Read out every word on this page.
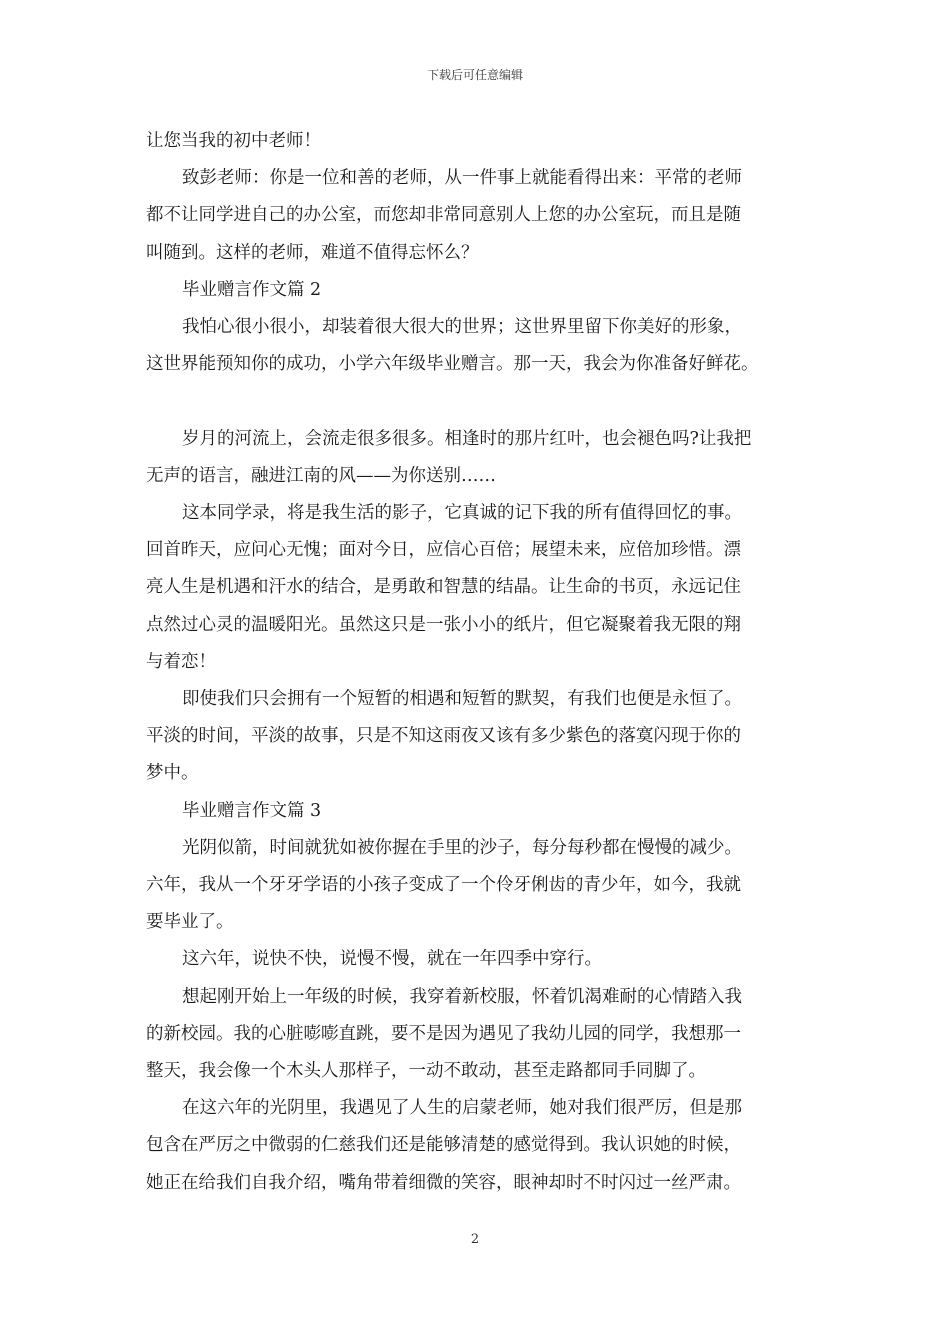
下载后可任意编辑

让您当我的初中老师！

致彭老师：你是一位和善的老师，从一件事上就能看得出来：平常的老师

都不让同学进自己的办公室，而您却非常同意别人上您的办公室玩，而且是随

叫随到。这样的老师，难道不值得忘怀么？

毕业赠言作文篇 2

我怕心很小很小，却装着很大很大的世界；这世界里留下你美好的形象，

这世界能预知你的成功，小学六年级毕业赠言。那一天，我会为你准备好鲜花。

岁月的河流上，会流走很多很多。相逢时的那片红叶，也会褪色吗?让我把

无声的语言，融进江南的风——为你送别……

这本同学录，将是我生活的影子，它真诚的记下我的所有值得回忆的事。

回首昨天，应问心无愧；面对今日，应信心百倍；展望未来，应倍加珍惜。漂

亮人生是机遇和汗水的结合，是勇敢和智慧的结晶。让生命的书页，永远记住

点然过心灵的温暖阳光。虽然这只是一张小小的纸片，但它凝聚着我无限的翔

与着恋！

即使我们只会拥有一个短暂的相遇和短暂的默契，有我们也便是永恒了。

平淡的时间，平淡的故事，只是不知这雨夜又该有多少紫色的落寞闪现于你的

梦中。

毕业赠言作文篇 3

光阴似箭，时间就犹如被你握在手里的沙子，每分每秒都在慢慢的减少。

六年，我从一个牙牙学语的小孩子变成了一个伶牙俐齿的青少年，如今，我就

要毕业了。

这六年，说快不快，说慢不慢，就在一年四季中穿行。

想起刚开始上一年级的时候，我穿着新校服，怀着饥渴难耐的心情踏入我

的新校园。我的心脏嘭嘭直跳，要不是因为遇见了我幼儿园的同学，我想那一

整天，我会像一个木头人那样子，一动不敢动，甚至走路都同手同脚了。

在这六年的光阴里，我遇见了人生的启蒙老师，她对我们很严厉，但是那

包含在严厉之中微弱的仁慈我们还是能够清楚的感觉得到。我认识她的时候，

她正在给我们自我介绍，嘴角带着细微的笑容，眼神却时不时闪过一丝严肃。

2
